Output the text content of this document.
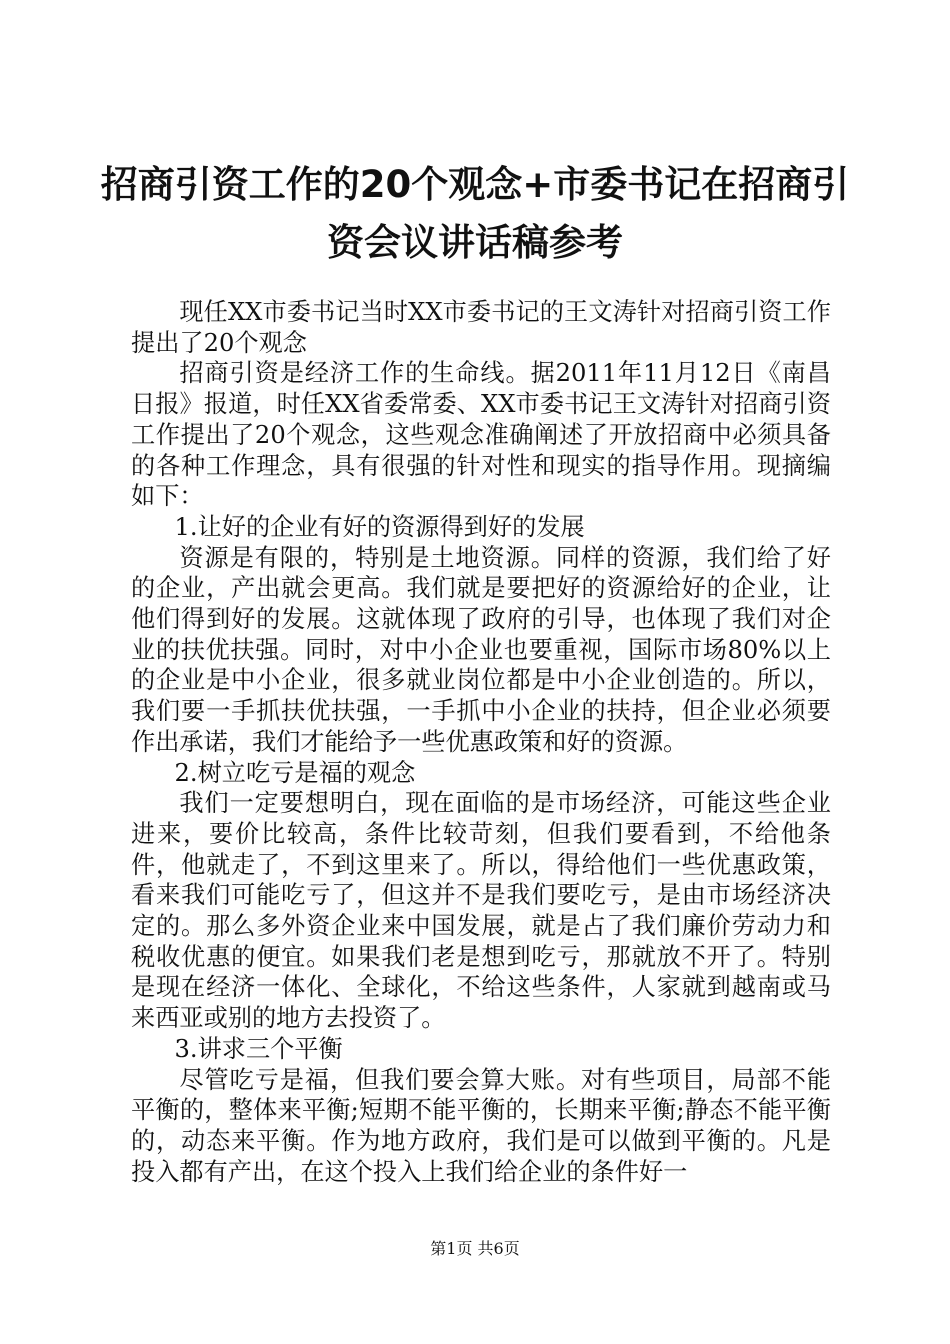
招商引资工作的20个观念+市委书记在招商引
资会议讲话稿参考

现任XX市委书记当时XX市委书记的王文涛针对招商引资工作提出了20个观念

招商引资是经济工作的生命线。据2011年11月12日《南昌日报》报道，时任XX省委常委、XX市委书记王文涛针对招商引资工作提出了20个观念，这些观念准确阐述了开放招商中必须具备的各种工作理念，具有很强的针对性和现实的指导作用。现摘编如下：

1.让好的企业有好的资源得到好的发展

资源是有限的，特别是土地资源。同样的资源，我们给了好的企业，产出就会更高。我们就是要把好的资源给好的企业，让他们得到好的发展。这就体现了政府的引导，也体现了我们对企业的扶优扶强。同时，对中小企业也要重视，国际市场80%以上的企业是中小企业，很多就业岗位都是中小企业创造的。所以，我们要一手抓扶优扶强，一手抓中小企业的扶持，但企业必须要作出承诺，我们才能给予一些优惠政策和好的资源。

2.树立吃亏是福的观念

我们一定要想明白，现在面临的是市场经济，可能这些企业进来，要价比较高，条件比较苛刻，但我们要看到，不给他条件，他就走了，不到这里来了。所以，得给他们一些优惠政策，看来我们可能吃亏了，但这并不是我们要吃亏，是由市场经济决定的。那么多外资企业来中国发展，就是占了我们廉价劳动力和税收优惠的便宜。如果我们老是想到吃亏，那就放不开了。特别是现在经济一体化、全球化，不给这些条件，人家就到越南或马来西亚或别的地方去投资了。

3.讲求三个平衡

尽管吃亏是福，但我们要会算大账。对有些项目，局部不能平衡的，整体来平衡;短期不能平衡的，长期来平衡;静态不能平衡的，动态来平衡。作为地方政府，我们是可以做到平衡的。凡是投入都有产出，在这个投入上我们给企业的条件好一

第1页 共6页
